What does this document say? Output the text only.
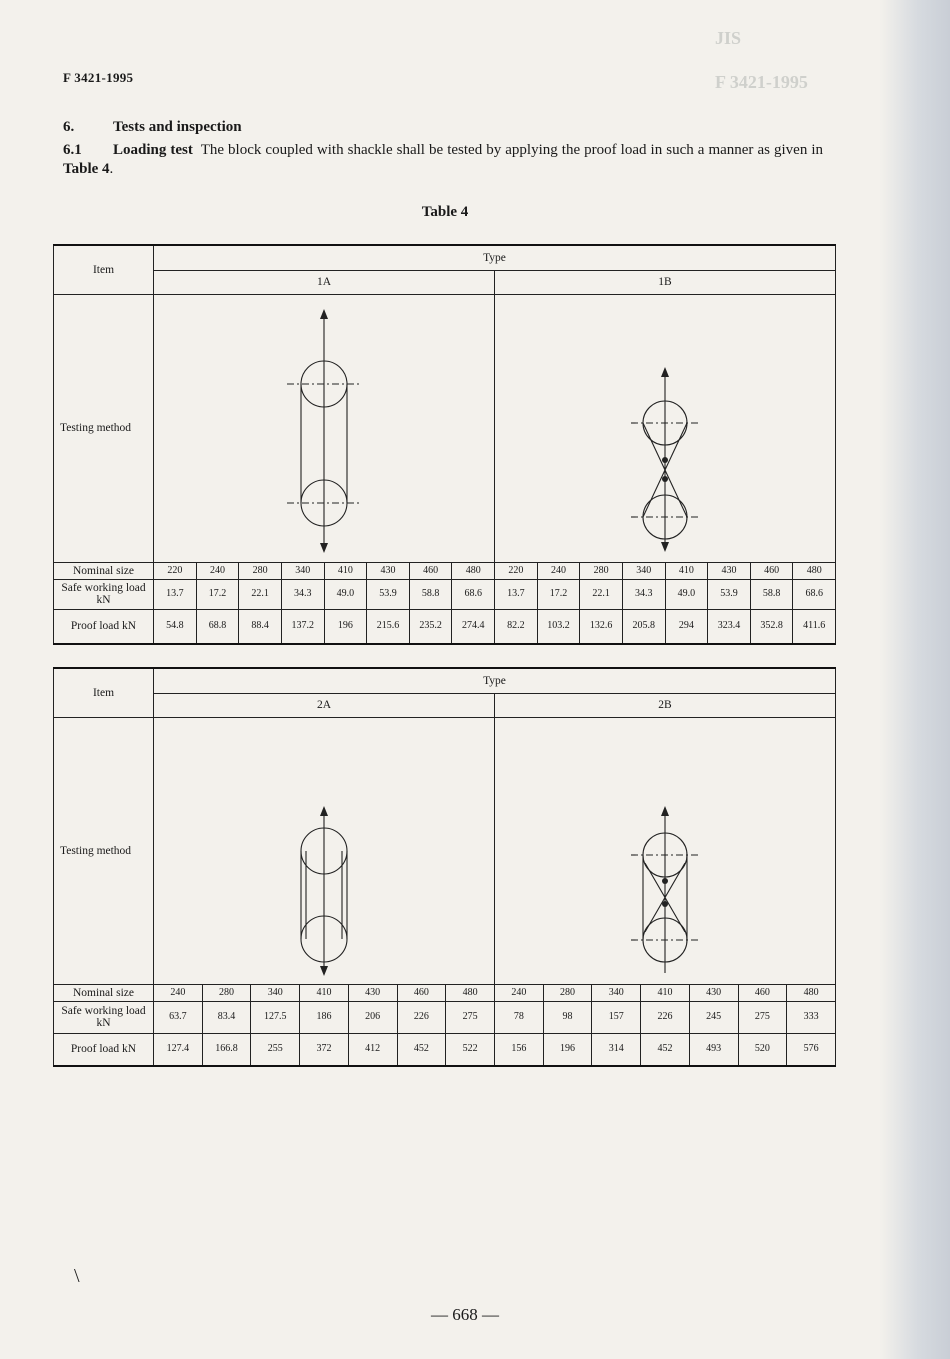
JIS
F 3421-1995
F 3421-1995
6.	Tests and inspection
6.1 Loading test The block coupled with shackle shall be tested by applying the proof load in such a manner as given in Table 4.
Table 4
Item	Type															
	1A								1B							
Testing method		
Nominal size	220	240	280	340	410	430	460	480	220	240	280	340	410	430	460	480
Safe working load kN	13.7	17.2	22.1	34.3	49.0	53.9	58.8	68.6	13.7	17.2	22.1	34.3	49.0	53.9	58.8	68.6
Proof load kN	54.8	68.8	88.4	137.2	196	215.6	235.2	274.4	82.2	103.2	132.6	205.8	294	323.4	352.8	411.6
Item	Type													
	2A							2B						
Testing method		
Nominal size	240	280	340	410	430	460	480	240	280	340	410	430	460	480
Safe working load kN	63.7	83.4	127.5	186	206	226	275	78	98	157	226	245	275	333
Proof load kN	127.4	166.8	255	372	412	452	522	156	196	314	452	493	520	576
\
— 668 —
